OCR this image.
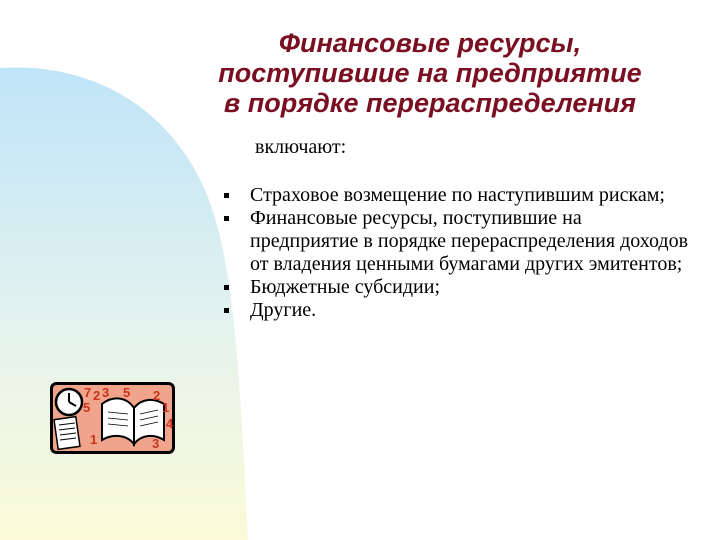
Финансовые ресурсы,
поступившие на предприятие
в порядке перераспределения
включают:
Страховое возмещение по наступившим рискам;
Финансовые ресурсы, поступившие на предприятие в порядке перераспределения доходов от владения ценными бумагами других эмитентов;
Бюджетные субсидии;
Другие.
7 2 3 5 2
1
5
1	3
4
